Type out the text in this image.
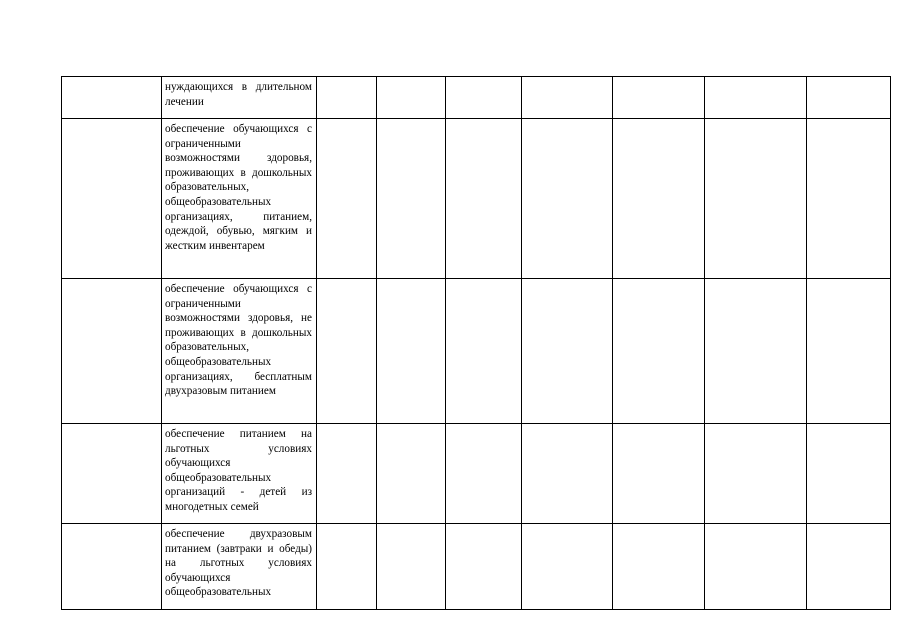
	нуждающихся в длительном лечении							

	обеспечение обучающихся с ограниченными возможностями здоровья, проживающих в дошкольных образовательных, общеобразовательных организациях, питанием, одеждой, обувью, мягким и жестким инвентарем							

	обеспечение обучающихся с ограниченными возможностями здоровья, не проживающих в дошкольных образовательных, общеобразовательных организациях, бесплатным двухразовым питанием							

	обеспечение питанием на льготных условиях обучающихся общеобразовательных организаций - детей из многодетных семей							

	обеспечение двухразовым питанием (завтраки и обеды) на льготных условиях обучающихся общеобразовательных							
